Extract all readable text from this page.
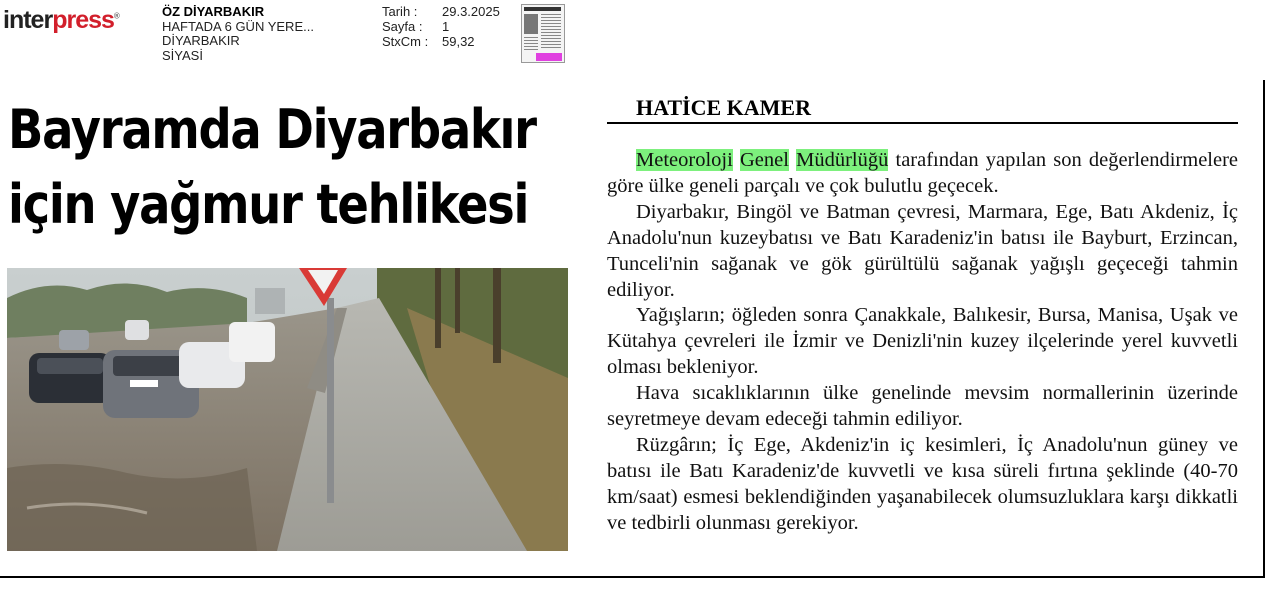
interpress®	ÖZ DİYARBAKIR
HAFTADA 6 GÜN YERE...
DİYARBAKIR
SİYASİ
Tarih :	29.3.2025
Sayfa :	1
StxCm :	59,32
Bayramda Diyarbakır
için yağmur tehlikesi
HATİCE KAMER

Meteoroloji Genel Müdürlüğü tarafından yapılan son değerlendirmelere göre ülke geneli parçalı ve çok bulutlu geçecek.

Diyarbakır, Bingöl ve Batman çevresi, Marmara, Ege, Batı Akdeniz, İç Anadolu'nun kuzeybatısı ve Batı Karadeniz'in batısı ile Bayburt, Erzincan, Tunceli'nin sağanak ve gök gürültülü sağanak yağışlı geçeceği tahmin ediliyor.

Yağışların; öğleden sonra Çanakkale, Balıkesir, Bursa, Manisa, Uşak ve Kütahya çevreleri ile İzmir ve Denizli'nin kuzey ilçelerinde yerel kuvvetli olması bekleniyor.

Hava sıcaklıklarının ülke genelinde mevsim normallerinin üzerinde seyretmeye devam edeceği tahmin ediliyor.

Rüzgârın; İç Ege, Akdeniz'in iç kesimleri, İç Anadolu'nun güney ve batısı ile Batı Karadeniz'de kuvvetli ve kısa süreli fırtına şeklinde (40-70 km/saat) esmesi beklendiğinden yaşanabilecek olumsuzluklara karşı dikkatli ve tedbirli olunması gerekiyor.
